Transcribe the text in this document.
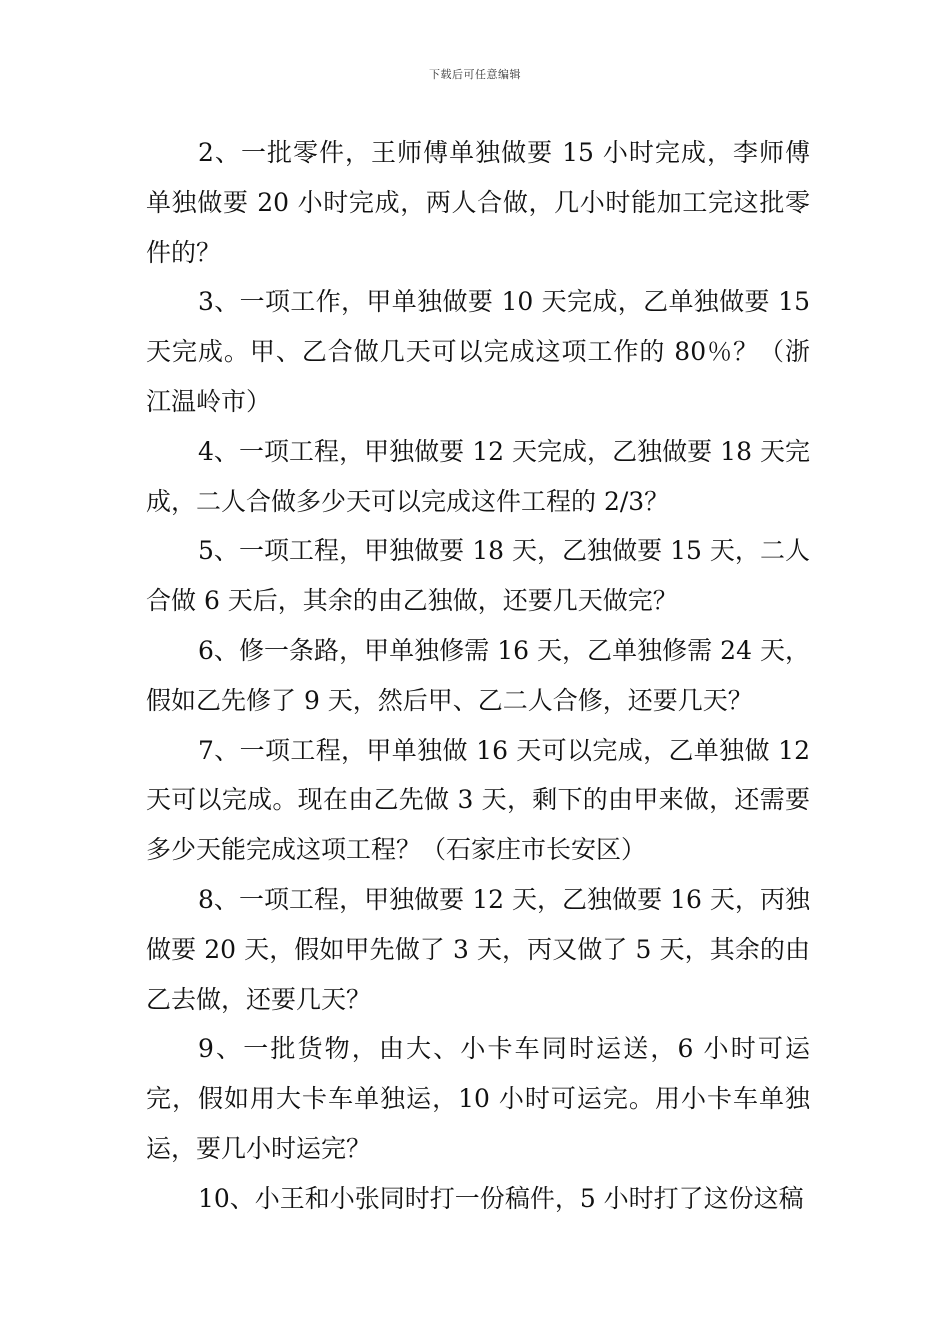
下载后可任意编辑

2、一批零件，王师傅单独做要 15 小时完成，李师傅单独做要 20 小时完成，两人合做，几小时能加工完这批零件的？

3、一项工作，甲单独做要 10 天完成，乙单独做要 15 天完成。甲、乙合做几天可以完成这项工作的 80％？（浙江温岭市）

4、一项工程，甲独做要 12 天完成，乙独做要 18 天完成，二人合做多少天可以完成这件工程的 2/3？

5、一项工程，甲独做要 18 天，乙独做要 15 天，二人合做 6 天后，其余的由乙独做，还要几天做完？

6、修一条路，甲单独修需 16 天，乙单独修需 24 天，假如乙先修了 9 天，然后甲、乙二人合修，还要几天？

7、一项工程，甲单独做 16 天可以完成，乙单独做 12 天可以完成。现在由乙先做 3 天，剩下的由甲来做，还需要多少天能完成这项工程？（石家庄市长安区）

8、一项工程，甲独做要 12 天，乙独做要 16 天，丙独做要 20 天，假如甲先做了 3 天，丙又做了 5 天，其余的由乙去做，还要几天？

9、一批货物，由大、小卡车同时运送，6 小时可运完，假如用大卡车单独运，10 小时可运完。用小卡车单独运，要几小时运完？

10、小王和小张同时打一份稿件，5 小时打了这份这稿
